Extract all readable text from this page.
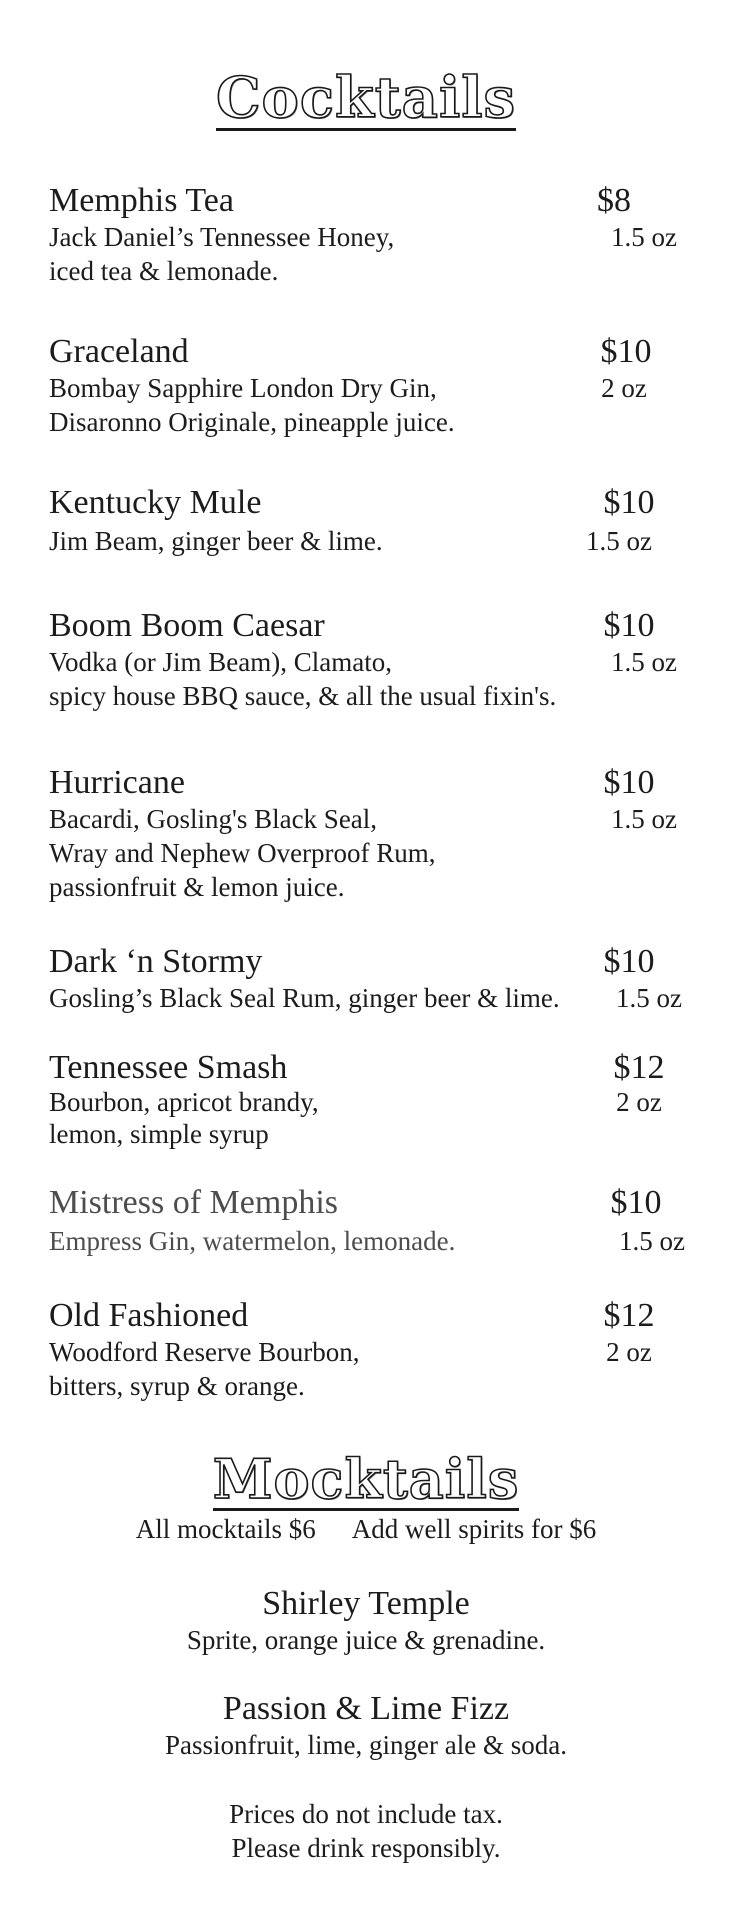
Cocktails
Memphis Tea	$8
Jack Daniel’s Tennessee Honey,
iced tea & lemonade.
1.5 oz
Graceland	$10
Bombay Sapphire London Dry Gin,
Disaronno Originale, pineapple juice.
2 oz
Kentucky Mule	$10
Jim Beam, ginger beer & lime.	1.5 oz
Boom Boom Caesar	$10
Vodka (or Jim Beam), Clamato,
spicy house BBQ sauce, & all the usual fixin's.
1.5 oz
Hurricane	$10
Bacardi, Gosling's Black Seal,
Wray and Nephew Overproof Rum,
passionfruit & lemon juice.
1.5 oz
Dark ‘n Stormy	$10
Gosling’s Black Seal Rum, ginger beer & lime.	1.5 oz
Tennessee Smash	$12
Bourbon, apricot brandy,
lemon, simple syrup
2 oz
Mistress of Memphis	$10
Empress Gin, watermelon, lemonade.	1.5 oz
Old Fashioned	$12
Woodford Reserve Bourbon,
bitters, syrup & orange.
2 oz
Mocktails
All mocktails $6 Add well spirits for $6
Shirley Temple
Sprite, orange juice & grenadine.
Passion & Lime Fizz
Passionfruit, lime, ginger ale & soda.
Prices do not include tax.
Please drink responsibly.
